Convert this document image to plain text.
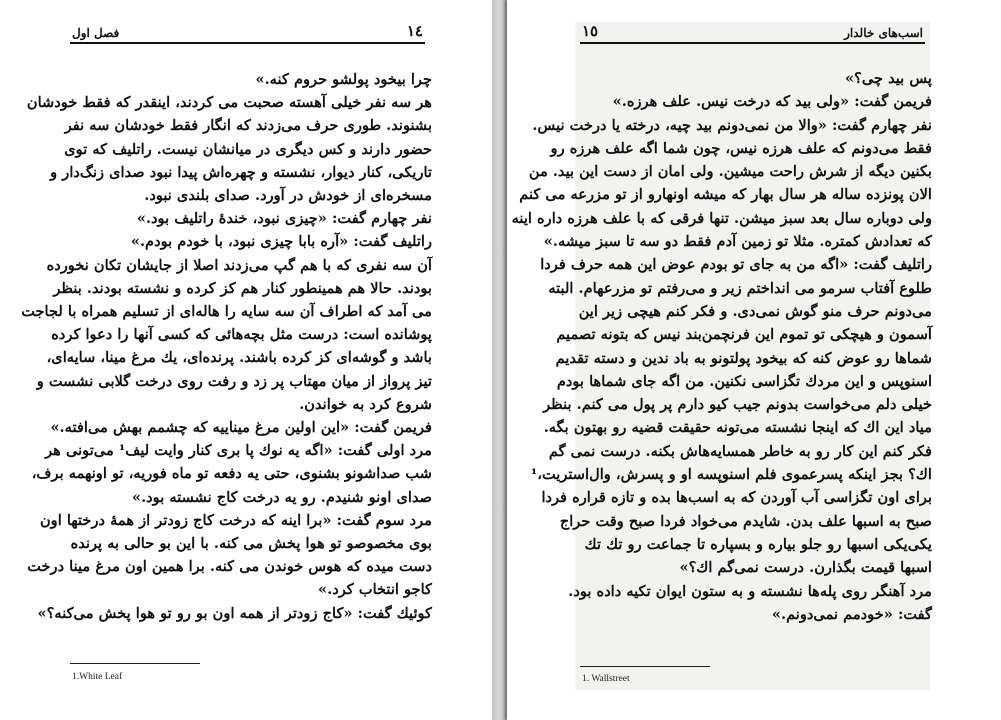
فصل اول	١٤

چرا بیخود پولشو حروم کنه.»

هر سه نفر خیلی آهسته صحبت می کردند، اینقدر که فقط خودشان

بشنوند. طوری حرف می‌زدند که انگار فقط خودشان سه نفر

حضور دارند و کس دیگری در میانشان نیست. راتلیف که توی

تاریکی، کنار دیوار، نشسته و چهره‌اش پیدا نبود صدای زنگ‌دار و

مسخره‌ای از خودش در آورد. صدای بلندی نبود.

نفر چهارم گفت: «چیزی نبود، خندهٔ راتلیف بود.»

راتلیف گفت: «آره بابا چیزی نبود، با خودم بودم.»

آن سه نفری که با هم گپ می‌زدند اصلا از جایشان تکان نخورده

بودند. حالا هم همینطور کنار هم کز کرده و نشسته بودند. بنظر

می آمد که اطراف آن سه سایه را هاله‌ای از تسلیم همراه با لجاجت

پوشانده است: درست مثل بچه‌هائی که کسی آنها را دعوا کرده

باشد و گوشه‌ای کز کرده باشند. پرنده‌ای، یك مرغ مینا، سایه‌ای،

تیز پرواز از میان مهتاب پر زد و رفت روی درخت گلابی نشست و

شروع کرد به خواندن.

فریمن گفت: «این اولین مرغ میناییه که چشمم بهش می‌افته.»

مرد اولی گفت: «اگه یه نوك پا بری کنار وایت لیف¹ می‌تونی هر

شب صداشونو بشنوی، حتی یه دفعه تو ماه فوریه، تو اونهمه برف،

صدای اونو شنیدم. رو یه درخت کاج نشسته بود.»

مرد سوم گفت: «برا اینه که درخت کاج زودتر از همهٔ درختها اون

بوی مخصوصو تو هوا پخش می کنه. با این بو حالی به پرنده

دست میده که هوس خوندن می کنه. برا همین اون مرغ مینا درخت

کاجو انتخاب کرد.»

کوئیك گفت: «کاج زودتر از همه اون بو رو تو هوا پخش می‌کنه؟»

1.White Leaf
١٥	اسب‌های خالدار

پس بید چی؟»

فریمن گفت: «ولی بید که درخت نیس. علف هرزه.»

نفر چهارم گفت: «والا من نمی‌دونم بید چیه، درخته یا درخت نیس.

فقط می‌دونم که علف هرزه نیس، چون شما اگه علف هرزه رو

بکنین دیگه از شرش راحت میشین. ولی امان از دست این بید. من

الان پونزده ساله هر سال بهار که میشه اونهارو از تو مزرعه می کنم

ولی دوباره سال بعد سبز میشن. تنها فرقی که با علف هرزه داره اینه

که تعدادش کمتره. مثلا تو زمین آدم فقط دو سه تا سبز میشه.»

راتلیف گفت: «اگه من به جای تو بودم عوض این همه حرف فردا

طلوع آفتاب سرمو می انداختم زیر و می‌رفتم تو مزرعهام. البته

می‌دونم حرف منو گوش نمی‌دی. و فکر کنم هیچی زیر این

آسمون و هیچکی تو تموم این فرنچمن‌بند نیس که بتونه تصمیم

شماها رو عوض کنه که بیخود پولتونو به باد ندین و دسته تقدیم

اسنوپس و این مردك تگزاسی نکنین. من اگه جای شماها بودم

خیلی دلم می‌خواست بدونم جیب کیو دارم پر پول می کنم. بنظر

میاد این اك که اینجا نشسته می‌تونه حقیقت قضیه رو بهتون بگه.

فکر کنم این کار رو به خاطر همسایه‌هاش بکنه. درست نمی گم

اك؟ بجز اینکه پسرعموی فلم اسنوپسه او و پسرش، وال‌استریت،¹

برای اون تگزاسی آب آوردن که به اسب‌ها بده و تازه قراره فردا

صبح به اسبها علف بدن. شایدم می‌خواد فردا صبح وقت حراج

یکی‌یکی اسبها رو جلو بیاره و بسپاره تا جماعت رو تك تك

اسبها قیمت بگذارن. درست نمی‌گم اك؟»

مرد آهنگر روی پله‌ها نشسته و به ستون ایوان تکیه داده بود.

گفت: «خودمم نمی‌دونم.»

1. Wallstreet
